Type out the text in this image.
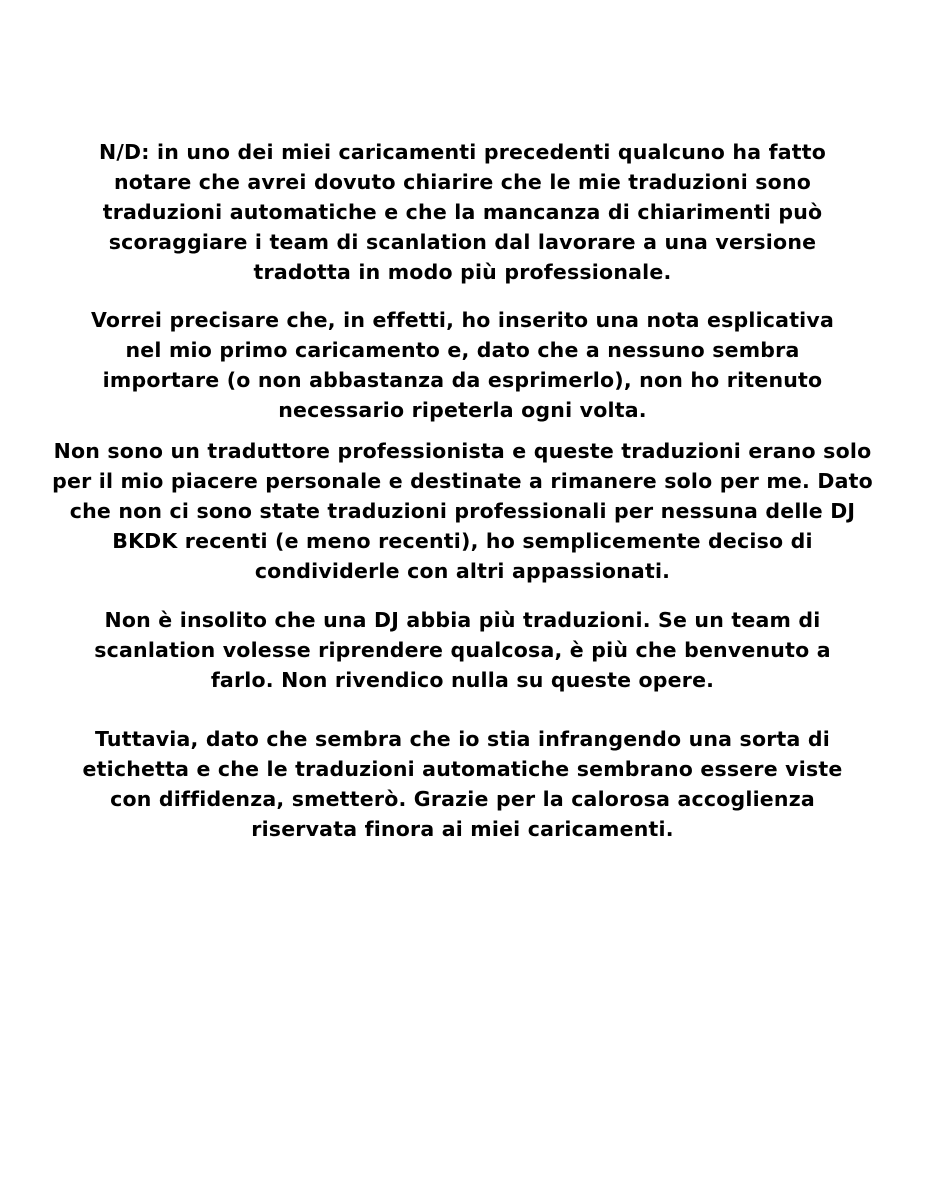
N/D: in uno dei miei caricamenti precedenti qualcuno ha fatto
notare che avrei dovuto chiarire che le mie traduzioni sono
traduzioni automatiche e che la mancanza di chiarimenti può
scoraggiare i team di scanlation dal lavorare a una versione
tradotta in modo più professionale.

Vorrei precisare che, in effetti, ho inserito una nota esplicativa
nel mio primo caricamento e, dato che a nessuno sembra
importare (o non abbastanza da esprimerlo), non ho ritenuto
necessario ripeterla ogni volta.

Non sono un traduttore professionista e queste traduzioni erano solo
per il mio piacere personale e destinate a rimanere solo per me. Dato
che non ci sono state traduzioni professionali per nessuna delle DJ
BKDK recenti (e meno recenti), ho semplicemente deciso di
condividerle con altri appassionati.

Non è insolito che una DJ abbia più traduzioni. Se un team di
scanlation volesse riprendere qualcosa, è più che benvenuto a
farlo. Non rivendico nulla su queste opere.

Tuttavia, dato che sembra che io stia infrangendo una sorta di
etichetta e che le traduzioni automatiche sembrano essere viste
con diffidenza, smetterò. Grazie per la calorosa accoglienza
riservata finora ai miei caricamenti.
